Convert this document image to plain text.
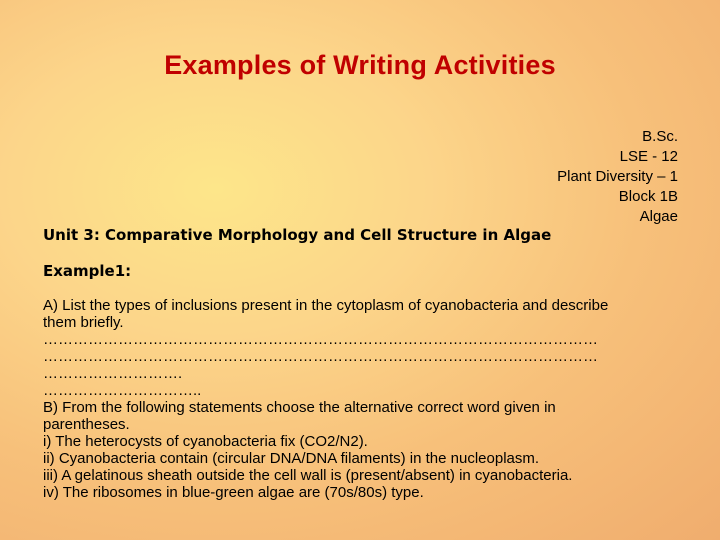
Examples of Writing Activities
B.Sc.
LSE - 12
Plant Diversity – 1
Block 1B
Algae
Unit 3: Comparative Morphology and Cell Structure in Algae
Example1:

A) List the types of inclusions present in the cytoplasm of cyanobacteria and describe

them briefly.

…………………………………………………………………………………………………

…………………………………………………………………………………………………

……………………….

…………………………..

B) From the following statements choose the alternative correct word given in

parentheses.

i) The heterocysts of cyanobacteria fix (CO2/N2).

ii) Cyanobacteria contain (circular DNA/DNA filaments) in the nucleoplasm.

iii) A gelatinous sheath outside the cell wall is (present/absent) in cyanobacteria.

iv) The ribosomes in blue-green algae are (70s/80s) type.
